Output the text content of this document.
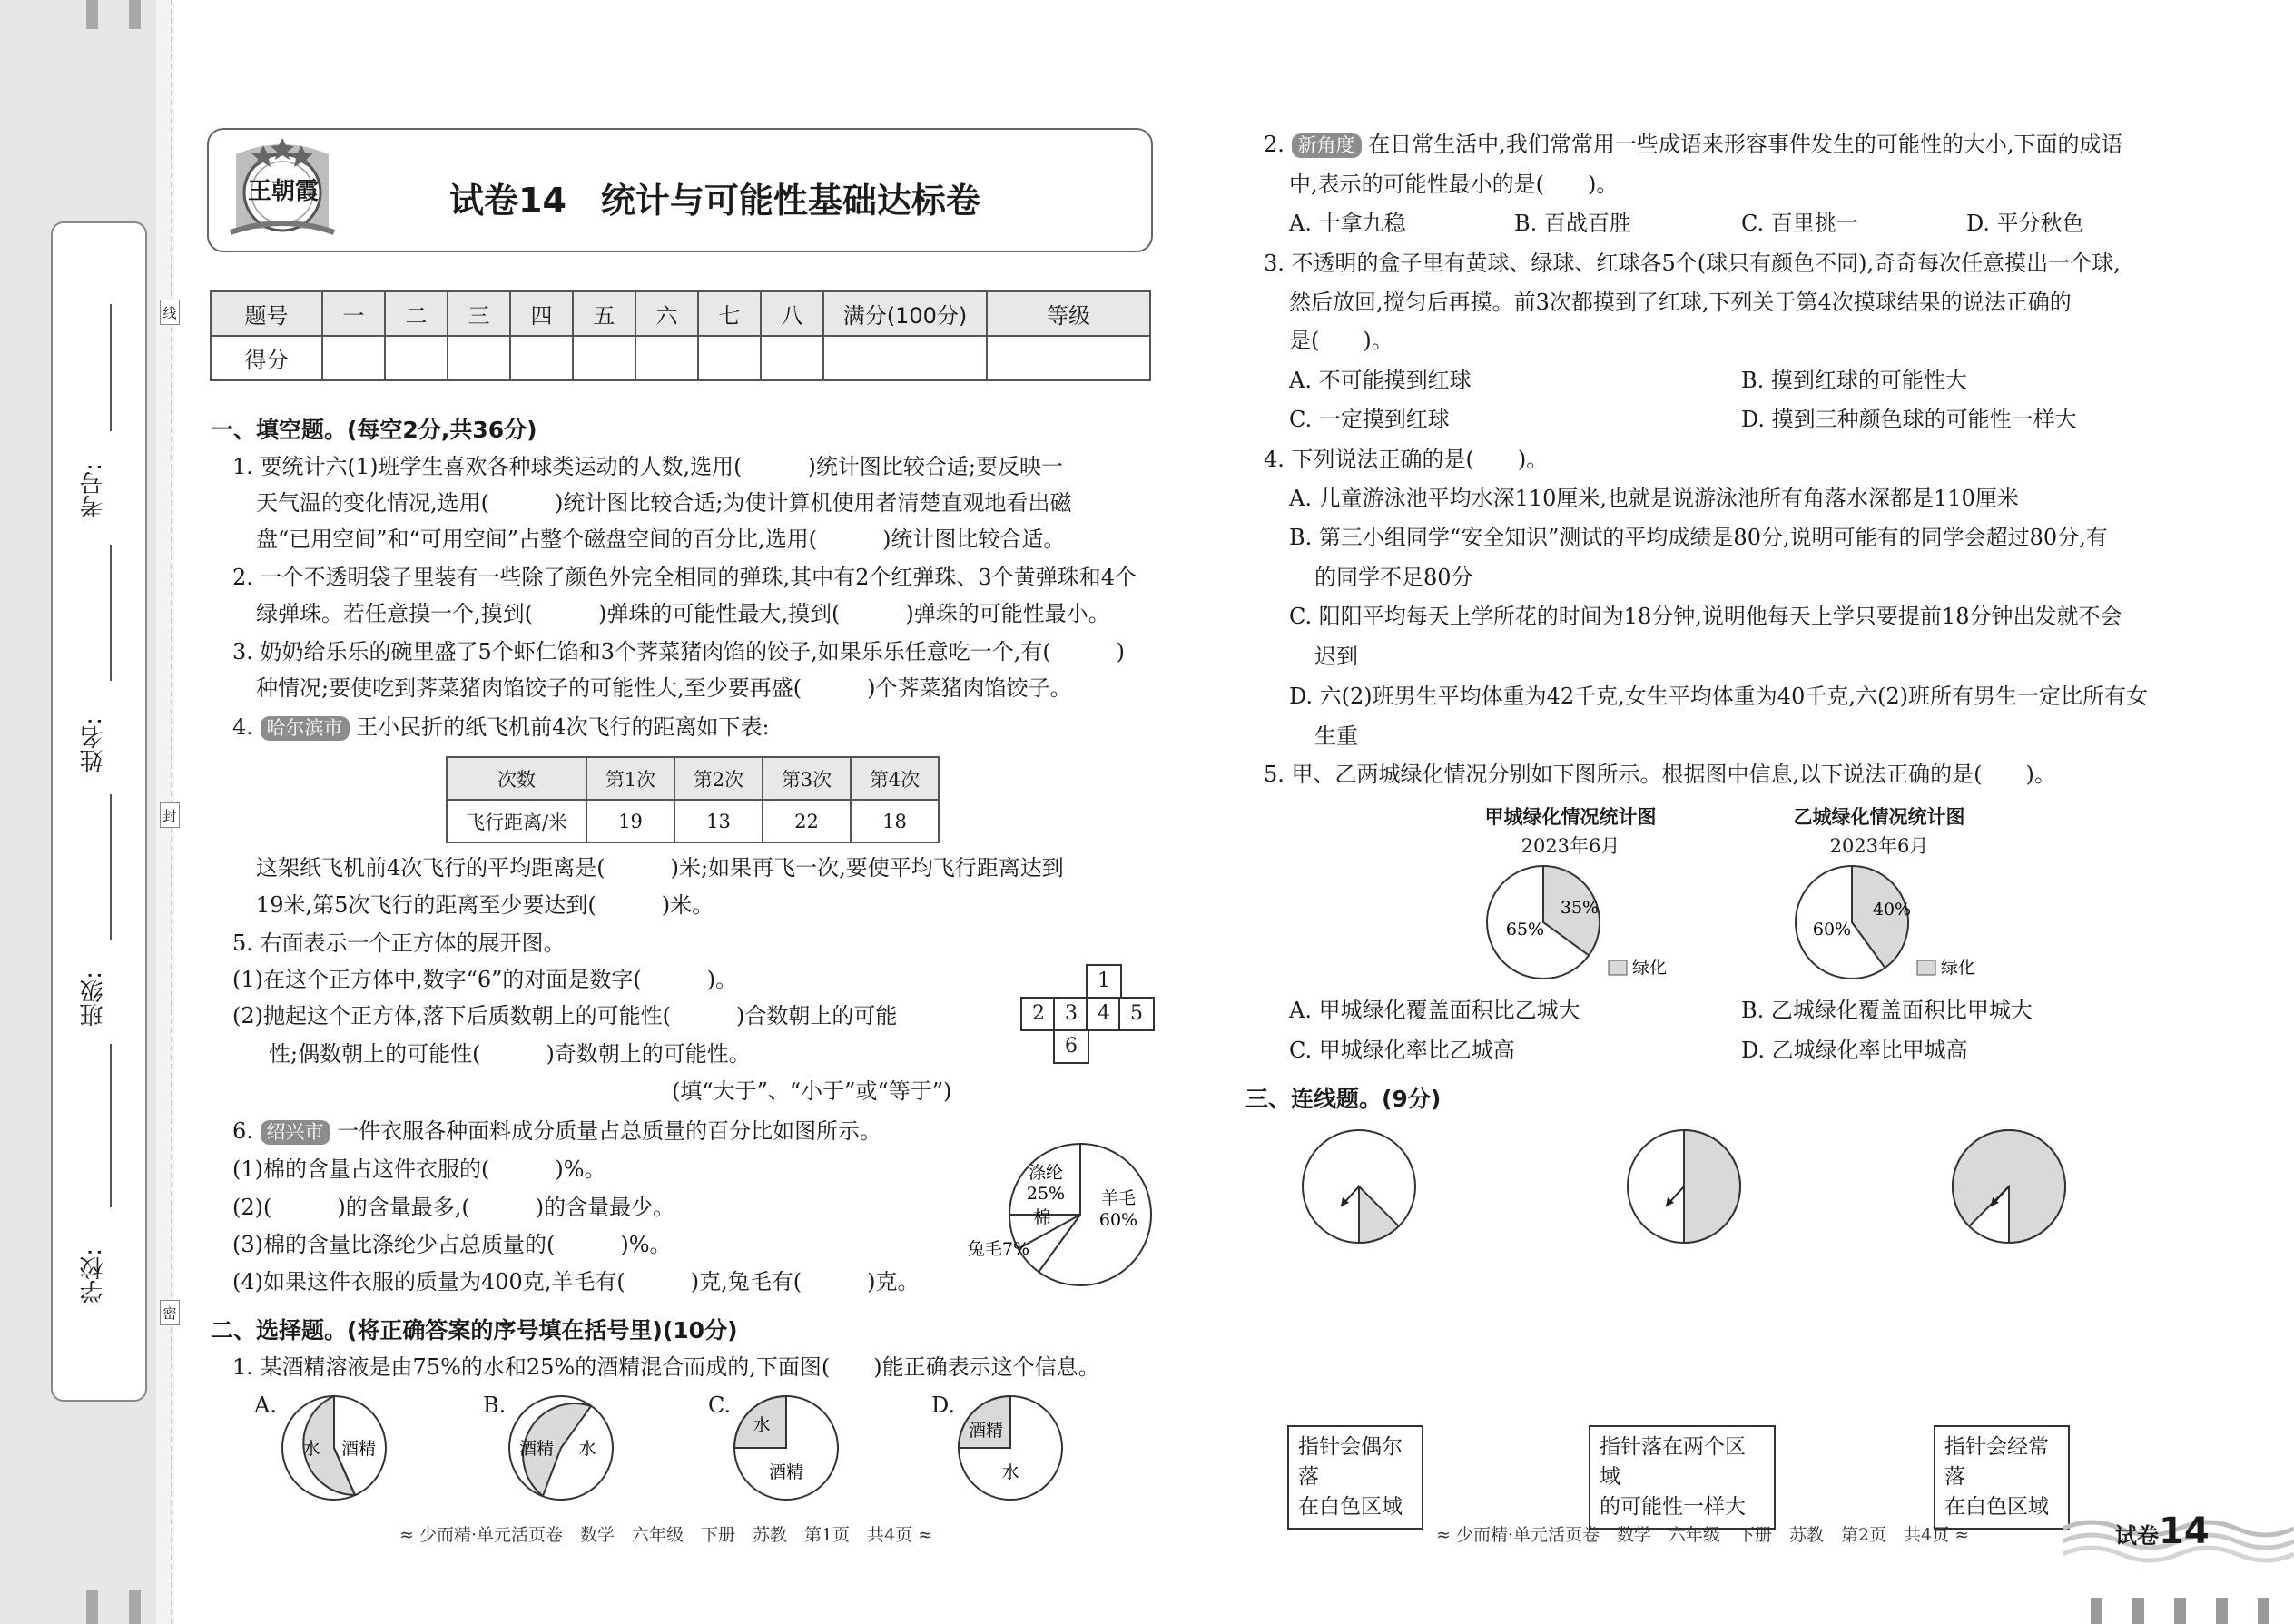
考号:
姓名:
班级:
学校:
线
封
密
王朝霞	试卷14　统计与可能性基础达标卷
题号	一	二	三	四	五	六	七	八	满分(100分)	等级
得分										
一、填空题。(每空2分,共36分)
1. 要统计六(1)班学生喜欢各种球类运动的人数,选用(　　　)统计图比较合适;要反映一
天气温的变化情况,选用(　　　)统计图比较合适;为使计算机使用者清楚直观地看出磁
盘“已用空间”和“可用空间”占整个磁盘空间的百分比,选用(　　　)统计图比较合适。
2. 一个不透明袋子里装有一些除了颜色外完全相同的弹珠,其中有2个红弹珠、3个黄弹珠和4个
绿弹珠。若任意摸一个,摸到(　　　)弹珠的可能性最大,摸到(　　　)弹珠的可能性最小。
3. 奶奶给乐乐的碗里盛了5个虾仁馅和3个荠菜猪肉馅的饺子,如果乐乐任意吃一个,有(　　　)
种情况;要使吃到荠菜猪肉馅饺子的可能性大,至少要再盛(　　　)个荠菜猪肉馅饺子。
4. 哈尔滨市 王小民折的纸飞机前4次飞行的距离如下表:
次数	第1次	第2次	第3次	第4次
飞行距离/米	19	13	22	18
这架纸飞机前4次飞行的平均距离是(　　　)米;如果再飞一次,要使平均飞行距离达到
19米,第5次飞行的距离至少要达到(　　　)米。
5. 右面表示一个正方体的展开图。
(1)在这个正方体中,数字“6”的对面是数字(　　　)。
(2)抛起这个正方体,落下后质数朝上的可能性(　　　)合数朝上的可能
性;偶数朝上的可能性(　　　)奇数朝上的可能性。
(填“大于”、“小于”或“等于”)
1
2	3	4	5
6
6. 绍兴市 一件衣服各种面料成分质量占总质量的百分比如图所示。
(1)棉的含量占这件衣服的(　　　)%。
(2)(　　　)的含量最多,(　　　)的含量最少。
(3)棉的含量比涤纶少占总质量的(　　　)%。
(4)如果这件衣服的质量为400克,羊毛有(　　　)克,兔毛有(　　　)克。
涤纶
25% 羊毛
60%
棉
兔毛7%
二、选择题。(将正确答案的序号填在括号里)(10分)
1. 某酒精溶液是由75%的水和25%的酒精混合而成的,下面图(　　)能正确表示这个信息。
A.	B.	C.	D.
水 酒精	酒精 水
水
酒精
酒精
水
≈ 少而精·单元活页卷　数学　六年级　下册　苏教　第1页　共4页 ≈
2. 新角度 在日常生活中,我们常常用一些成语来形容事件发生的可能性的大小,下面的成语
中,表示的可能性最小的是(　　)。
A. 十拿九稳	B. 百战百胜	C. 百里挑一	D. 平分秋色
3. 不透明的盒子里有黄球、绿球、红球各5个(球只有颜色不同),奇奇每次任意摸出一个球,
然后放回,搅匀后再摸。前3次都摸到了红球,下列关于第4次摸球结果的说法正确的
是(　　)。
A. 不可能摸到红球	B. 摸到红球的可能性大
C. 一定摸到红球	D. 摸到三种颜色球的可能性一样大
4. 下列说法正确的是(　　)。
A. 儿童游泳池平均水深110厘米,也就是说游泳池所有角落水深都是110厘米
B. 第三小组同学“安全知识”测试的平均成绩是80分,说明可能有的同学会超过80分,有
的同学不足80分
C. 阳阳平均每天上学所花的时间为18分钟,说明他每天上学只要提前18分钟出发就不会
迟到
D. 六(2)班男生平均体重为42千克,女生平均体重为40千克,六(2)班所有男生一定比所有女
生重
5. 甲、乙两城绿化情况分别如下图所示。根据图中信息,以下说法正确的是(　　)。
甲城绿化情况统计图
2023年6月
乙城绿化情况统计图
2023年6月
35%
65%
绿化
40%
60%
绿化
A. 甲城绿化覆盖面积比乙城大	B. 乙城绿化覆盖面积比甲城大
C. 甲城绿化率比乙城高	D. 乙城绿化率比甲城高
三、连线题。(9分)
指针会偶尔落
在白色区域
指针落在两个区域
的可能性一样大
指针会经常落
在白色区域
≈ 少而精·单元活页卷　数学　六年级　下册　苏教　第2页　共4页 ≈	试卷14
